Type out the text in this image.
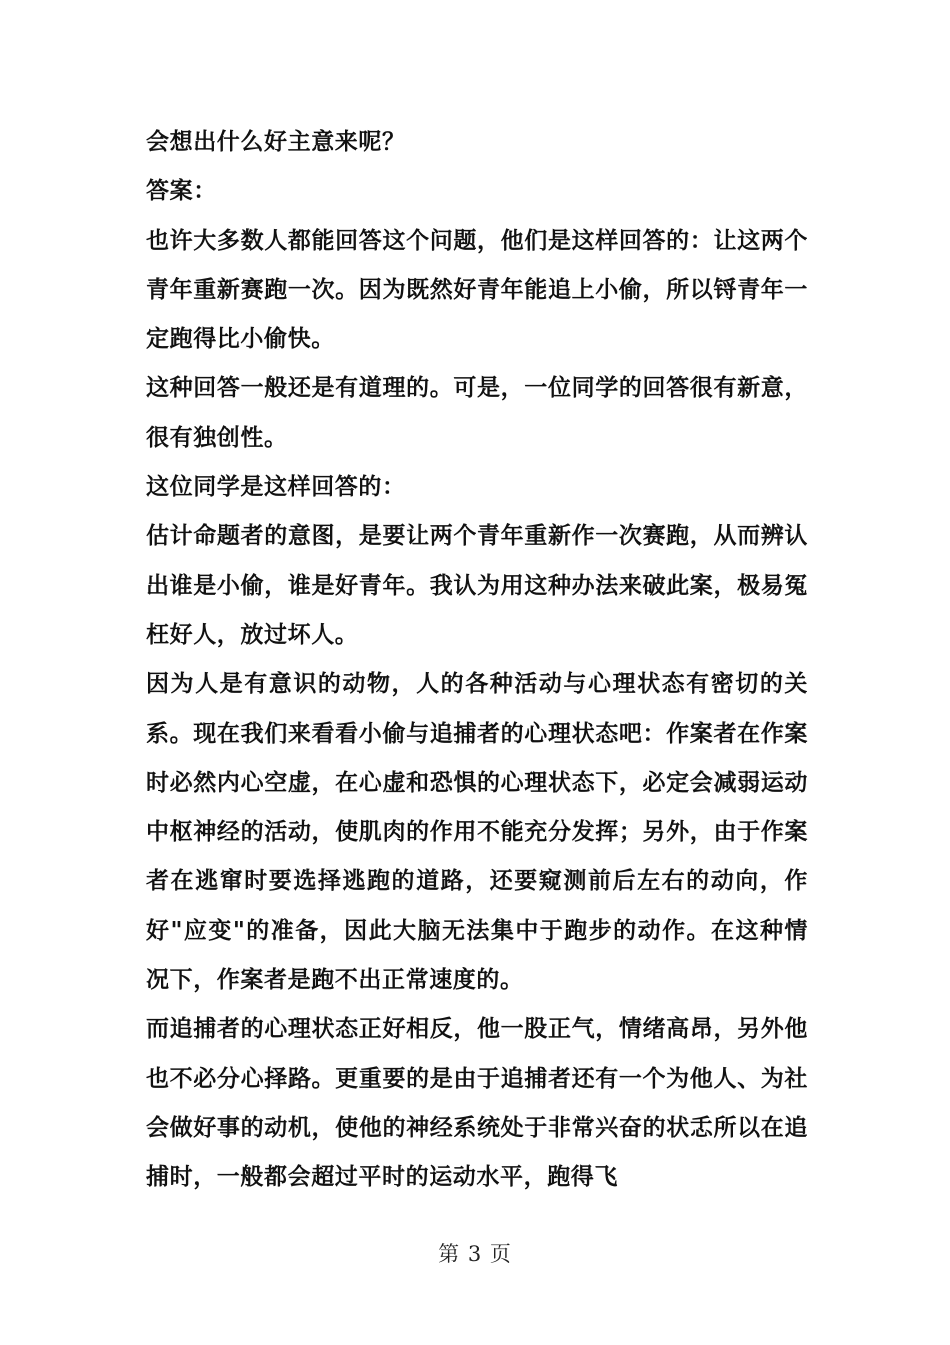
会想出什么好主意来呢？

答案：

也许大多数人都能回答这个问题，他们是这样回答的：让这两个青年重新赛跑一次。因为既然好青年能追上小偷，所以锊青年一定跑得比小偷快。

这种回答一般还是有道理的。可是，一位同学的回答很有新意，很有独创性。

这位同学是这样回答的：

估计命题者的意图，是要让两个青年重新作一次赛跑，从而辨认出谁是小偷，谁是好青年。我认为用这种办法来破此案，极易冤枉好人，放过坏人。

因为人是有意识的动物，人的各种活动与心理状态有密切的关系。现在我们来看看小偷与追捕者的心理状态吧：作案者在作案时必然内心空虚，在心虚和恐惧的心理状态下，必定会减弱运动中枢神经的活动，使肌肉的作用不能充分发挥；另外，由于作案者在逃窜时要选择逃跑的道路，还要窥测前后左右的动向，作好"应变"的准备，因此大脑无法集中于跑步的动作。在这种情况下，作案者是跑不出正常速度的。

而追捕者的心理状态正好相反，他一股正气，情绪高昂，另外他也不必分心择路。更重要的是由于追捕者还有一个为他人、为社会做好事的动机，使他的神经系统处于非常兴奋的状忎所以在追捕时，一般都会超过平时的运动水平，跑得飞

第 3 页
